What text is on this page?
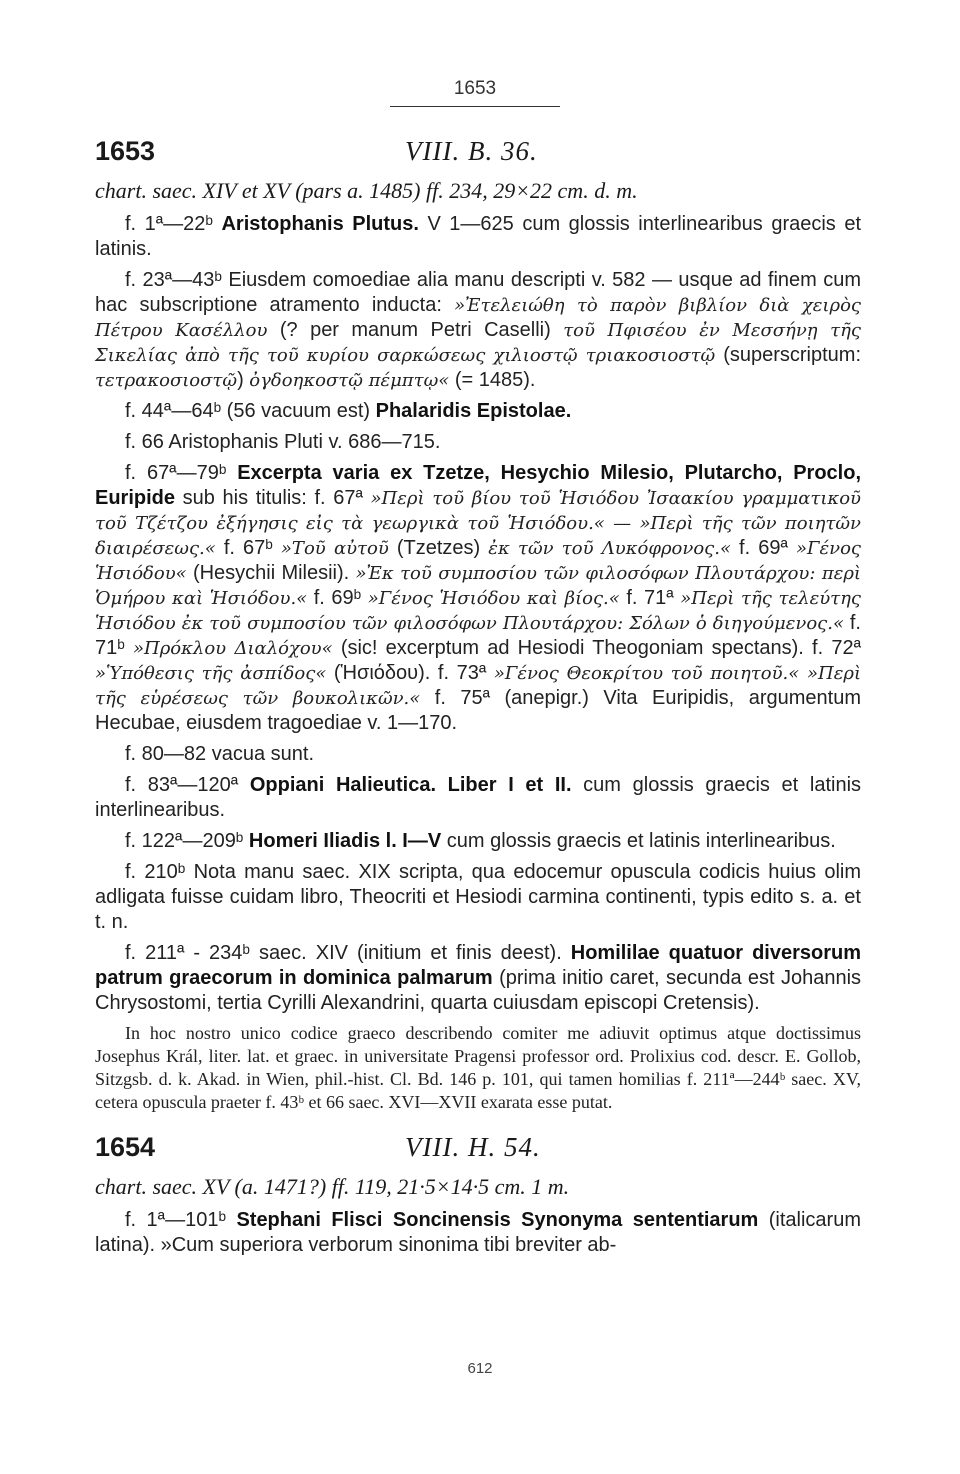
1653
1653	VIII. B. 36.

chart. saec. XIV et XV (pars a. 1485) ff. 234, 29×22 cm. d. m.

f. 1ª—22ᵇ Aristophanis Plutus. V 1—625 cum glossis interlinearibus graecis et latinis.

f. 23ª—43ᵇ Eiusdem comoediae alia manu descripti v. 582 — usque ad finem cum hac subscriptione atramento inducta: »Ἐτελειώθη τὸ παρὸν βιβλίον διὰ χειρὸς Πέτρου Κασέλλου (? per manum Petri Caselli) τοῦ Πφισέου ἐν Μεσσήνῃ τῆς Σικελίας ἀπὸ τῆς τοῦ κυρίου σαρκώσεως χιλιοστῷ τριακοσιοστῷ (superscriptum: τετρακοσιοστῷ) ὀγδοηκοστῷ πέμπτῳ« (= 1485).

f. 44ª—64ᵇ (56 vacuum est) Phalaridis Epistolae.

f. 66 Aristophanis Pluti v. 686—715.

f. 67ª—79ᵇ Excerpta varia ex Tzetze, Hesychio Milesio, Plutarcho, Proclo, Euripide sub his titulis: f. 67ª »Περὶ τοῦ βίου τοῦ Ἡσιόδου Ἰσαακίου γραμματικοῦ τοῦ Τζέτζου ἐξήγησις εἰς τὰ γεωργικὰ τοῦ Ἡσιόδου.« — »Περὶ τῆς τῶν ποιητῶν διαιρέσεως.« f. 67ᵇ »Τοῦ αὐτοῦ (Tzetzes) ἐκ τῶν τοῦ Λυκόφρονος.« f. 69ª »Γένος Ἡσιόδου« (Hesychii Milesii). »Ἐκ τοῦ συμποσίου τῶν φιλοσόφων Πλουτάρχου: περὶ Ὁμήρου καὶ Ἡσιόδου.« f. 69ᵇ »Γένος Ἡσιόδου καὶ βίος.« f. 71ª »Περὶ τῆς τελεύτης Ἡσιόδου ἐκ τοῦ συμποσίου τῶν φιλοσόφων Πλουτάρχου: Σόλων ὁ διηγούμενος.« f. 71ᵇ »Πρόκλου Διαλόχου« (sic! excerptum ad Hesiodi Theogoniam spectans). f. 72ª »Ὑπόθεσις τῆς ἀσπίδος« (Ἡσιόδου). f. 73ª »Γένος Θεοκρίτου τοῦ ποιητοῦ.« »Περὶ τῆς εὑρέσεως τῶν βουκολικῶν.« f. 75ª (anepigr.) Vita Euripidis, argumentum Hecubae, eiusdem tragoediae v. 1—170.

f. 80—82 vacua sunt.

f. 83ª—120ª Oppiani Halieutica. Liber I et II. cum glossis graecis et latinis interlinearibus.

f. 122ª—209ᵇ Homeri Iliadis l. I—V cum glossis graecis et latinis interlinearibus.

f. 210ᵇ Nota manu saec. XIX scripta, qua edocemur opuscula codicis huius olim adligata fuisse cuidam libro, Theocriti et Hesiodi carmina continenti, typis edito s. a. et t. n.

f. 211ª - 234ᵇ saec. XIV (initium et finis deest). Homililae quatuor diversorum patrum graecorum in dominica palmarum (prima initio caret, secunda est Johannis Chrysostomi, tertia Cyrilli Alexandrini, quarta cuiusdam episcopi Cretensis).

In hoc nostro unico codice graeco describendo comiter me adiuvit optimus atque doctissimus Josephus Král, liter. lat. et graec. in universitate Pragensi professor ord. Prolixius cod. descr. E. Gollob, Sitzgsb. d. k. Akad. in Wien, phil.-hist. Cl. Bd. 146 p. 101, qui tamen homilias f. 211ª—244ᵇ saec. XV, cetera opuscula praeter f. 43ᵇ et 66 saec. XVI—XVII exarata esse putat.

1654	VIII. H. 54.

chart. saec. XV (a. 1471?) ff. 119, 21·5×14·5 cm. 1 m.

f. 1ª—101ᵇ Stephani Flisci Soncinensis Synonyma sententiarum (italicarum latina). »Cum superiora verborum sinonima tibi breviter ab-

612
